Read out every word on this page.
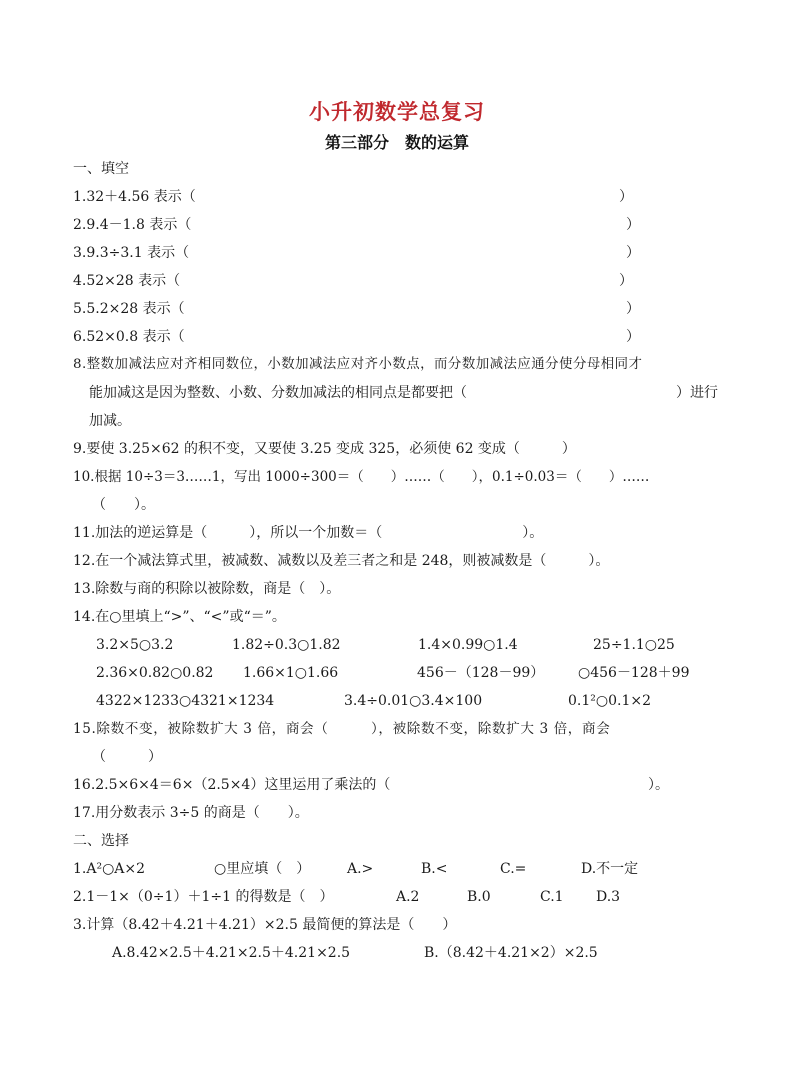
小升初数学总复习
第三部分　数的运算
一、填空
1.32＋4.56 表示（	）
2.9.4－1.8 表示（	）
3.9.3÷3.1 表示（	）
4.52×28 表示（	）
5.5.2×28 表示（	）
6.52×0.8 表示（	）
8.整数加减法应对齐相同数位，小数加减法应对齐小数点，而分数加减法应通分使分母相同才
能加减这是因为整数、小数、分数加减法的相同点是都要把（	）进行
加减。
9.要使 3.25×62 的积不变，又要使 3.25 变成 325，必须使 62 变成（　　　）
10.根据 10÷3＝3……1，写出 1000÷300＝（　　）……（　　），0.1÷0.03＝（　　）……
（　　）。
11.加法的逆运算是（　　　），所以一个加数＝（　　　　　　　　　　）。
12.在一个减法算式里，被减数、减数以及差三者之和是 248，则被减数是（　　　）。
13.除数与商的积除以被除数，商是（　）。
14.在○里填上“>”、“<”或“＝”。
3.2×5○3.2	1.82÷0.3○1.82	1.4×0.99○1.4	25÷1.1○25
2.36×0.82○0.82 1.66×1○1.66	456－（128－99） ○456－128＋99
4322×1233○4321×1234	3.4÷0.01○3.4×100	0.1²○0.1×2
15.除数不变，被除数扩大 3 倍，商会（　　　），被除数不变，除数扩大 3 倍，商会
（　　　）
16.2.5×6×4＝6×（2.5×4）这里运用了乘法的（	）。
17.用分数表示 3÷5 的商是（　　）。
二、选择
1.A²○A×2	○里应填（　）	A.>	B.<	C.=	D.不一定
2.1－1×（0÷1）＋1÷1 的得数是（　）	A.2	B.0	C.1 D.3
3.计算（8.42＋4.21＋4.21）×2.5 最简便的算法是（　　）
A.8.42×2.5＋4.21×2.5＋4.21×2.5	B.（8.42＋4.21×2）×2.5
